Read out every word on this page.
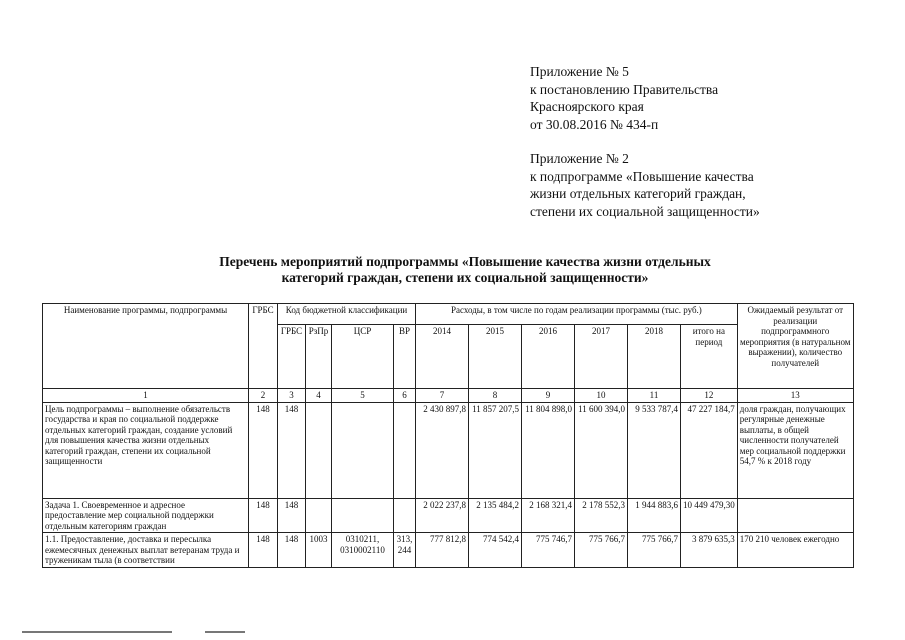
Приложение № 5
к постановлению Правительства
Красноярского края
от 30.08.2016 № 434-п
Приложение № 2
к подпрограмме «Повышение качества
жизни отдельных категорий граждан,
степени их социальной защищенности»
Перечень мероприятий подпрограммы «Повышение качества жизни отдельных
категорий граждан, степени их социальной защищенности»
Наименование программы, подпрограммы	ГРБС	Код бюджетной классификации				Расходы, в том числе по годам реализации программы (тыс. руб.)						Ожидаемый результат от реализации подпрограммного мероприятия (в натуральном выражении), количество получателей
		ГРБС	РзПр	ЦСР	ВР	2014	2015	2016	2017	2018	итого на период	
1	2	3	4	5	6	7	8	9	10	11	12	13
Цель подпрограммы – выполнение обязательств государства и края по социальной поддержке отдельных категорий граждан, создание условий для повышения качества жизни отдельных категорий граждан, степени их социальной защищенности	148	148				2 430 897,8	11 857 207,5	11 804 898,0	11 600 394,0	9 533 787,4	47 227 184,7	доля граждан, получающих регулярные денежные выплаты, в общей численности получателей мер социальной поддержки 54,7 % к 2018 году
Задача 1. Своевременное и адресное предоставление мер социальной поддержки отдельным категориям граждан	148	148				2 022 237,8	2 135 484,2	2 168 321,4	2 178 552,3	1 944 883,6	10 449 479,30	
1.1. Предоставление, доставка и пересылка ежемесячных денежных выплат ветеранам труда и труженикам тыла (в соответствии	148	148	1003	0310211, 0310002110	313, 244	777 812,8	774 542,4	775 746,7	775 766,7	775 766,7	3 879 635,3	170 210 человек ежегодно
